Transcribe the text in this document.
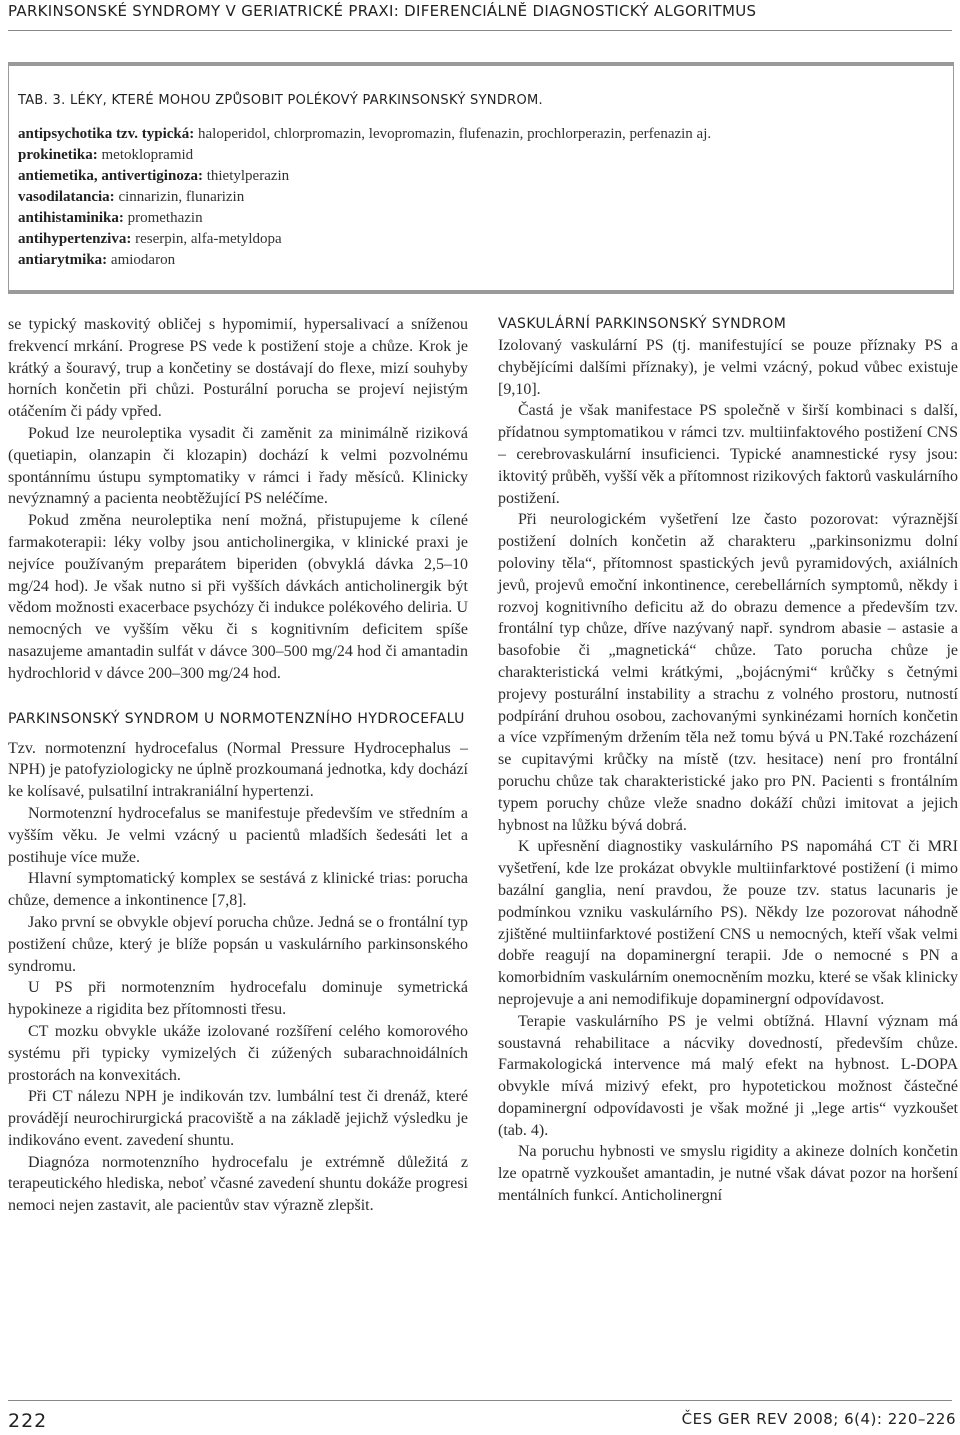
PARKINSONSKÉ SYNDROMY V GERIATRICKÉ PRAXI: DIFERENCIÁLNĚ DIAGNOSTICKÝ ALGORITMUS
TAB. 3. LÉKY, KTERÉ MOHOU ZPŮSOBIT POLÉKOVÝ PARKINSONSKÝ SYNDROM.
antipsychotika tzv. typická: haloperidol, chlorpromazin, levopromazin, flufenazin, prochlorperazin, perfenazin aj.
prokinetika: metoklopramid
antiemetika, antivertiginoza: thietylperazin
vasodilatancia: cinnarizin, flunarizin
antihistaminika: promethazin
antihypertenziva: reserpin, alfa-metyldopa
antiarytmika: amiodaron

se typický maskovitý obličej s hypomimií, hypersalivací a sníženou frekvencí mrkání. Progrese PS vede k postižení stoje a chůze. Krok je krátký a šouravý, trup a končetiny se dostávají do flexe, mizí souhyby horních končetin při chůzi. Posturální porucha se projeví nejistým otáčením či pády vpřed.

Pokud lze neuroleptika vysadit či zaměnit za minimálně riziková (quetiapin, olanzapin či klozapin) dochází k velmi pozvolnému spontánnímu ústupu symptomatiky v rámci i řady měsíců. Klinicky nevýznamný a pacienta neobtěžující PS neléčíme.

Pokud změna neuroleptika není možná, přistupujeme k cílené farmakoterapii: léky volby jsou anticholinergika, v klinické praxi je nejvíce používaným preparátem biperiden (obvyklá dávka 2,5–10 mg/24 hod). Je však nutno si při vyšších dávkách anticholinergik být vědom možnosti exacerbace psychózy či indukce polékového deliria. U nemocných ve vyšším věku či s kognitivním deficitem spíše nasazujeme amantadin sulfát v dávce 300–500 mg/24 hod či amantadin hydrochlorid v dávce 200–300 mg/24 hod.

PARKINSONSKÝ SYNDROM U NORMOTENZNÍHO HYDROCEFALU

Tzv. normotenzní hydrocefalus (Normal Pressure Hydrocephalus – NPH) je patofyziologicky ne úplně prozkoumaná jednotka, kdy dochází ke kolísavé, pulsatilní intrakraniální hypertenzi.

Normotenzní hydrocefalus se manifestuje především ve středním a vyšším věku. Je velmi vzácný u pacientů mladších šedesáti let a postihuje více muže.

Hlavní symptomatický komplex se sestává z klinické trias: porucha chůze, demence a inkontinence [7,8].

Jako první se obvykle objeví porucha chůze. Jedná se o frontální typ postižení chůze, který je blíže popsán u vaskulárního parkinsonského syndromu.

U PS při normotenzním hydrocefalu dominuje symetrická hypokineze a rigidita bez přítomnosti třesu.

CT mozku obvykle ukáže izolované rozšíření celého komorového systému při typicky vymizelých či zúžených subarachnoidálních prostorách na konvexitách.

Při CT nálezu NPH je indikován tzv. lumbální test či drenáž, které provádějí neurochirurgická pracoviště a na základě jejichž výsledku je indikováno event. zavedení shuntu.

Diagnóza normotenzního hydrocefalu je extrémně důležitá z terapeutického hlediska, neboť včasné zavedení shuntu dokáže progresi nemoci nejen zastavit, ale pacientův stav výrazně zlepšit.

VASKULÁRNÍ PARKINSONSKÝ SYNDROM

Izolovaný vaskulární PS (tj. manifestující se pouze příznaky PS a chybějícími dalšími příznaky), je velmi vzácný, pokud vůbec existuje [9,10].

Častá je však manifestace PS společně v širší kombinaci s další, přídatnou symptomatikou v rámci tzv. multiinfaktového postižení CNS – cerebrovaskulární insuficienci. Typické anamnestické rysy jsou: iktovitý průběh, vyšší věk a přítomnost rizikových faktorů vaskulárního postižení.

Při neurologickém vyšetření lze často pozorovat: výraznější postižení dolních končetin až charakteru „parkinsonizmu dolní poloviny těla“, přítomnost spastických jevů pyramidových, axiálních jevů, projevů emoční inkontinence, cerebellárních symptomů, někdy i rozvoj kognitivního deficitu až do obrazu demence a především tzv. frontální typ chůze, dříve nazývaný např. syndrom abasie – astasie a basofobie či „magnetická“ chůze. Tato porucha chůze je charakteristická velmi krátkými, „bojácnými“ krůčky s četnými projevy posturální instability a strachu z volného prostoru, nutností podpírání druhou osobou, zachovanými synkinézami horních končetin a více vzpřímeným držením těla než tomu bývá u PN.Také rozcházení se cupitavými krůčky na místě (tzv. hesitace) není pro frontální poruchu chůze tak charakteristické jako pro PN. Pacienti s frontálním typem poruchy chůze vleže snadno dokáží chůzi imitovat a jejich hybnost na lůžku bývá dobrá.

K upřesnění diagnostiky vaskulárního PS napomáhá CT či MRI vyšetření, kde lze prokázat obvykle multiinfarktové postižení (i mimo bazální ganglia, není pravdou, že pouze tzv. status lacunaris je podmínkou vzniku vaskulárního PS). Někdy lze pozorovat náhodně zjištěné multiinfarktové postižení CNS u nemocných, kteří však velmi dobře reagují na dopaminergní terapii. Jde o nemocné s PN a komorbidním vaskulárním onemocněním mozku, které se však klinicky neprojevuje a ani nemodifikuje dopaminergní odpovídavost.

Terapie vaskulárního PS je velmi obtížná. Hlavní význam má soustavná rehabilitace a nácviky dovedností, především chůze. Farmakologická intervence má malý efekt na hybnost. L-DOPA obvykle mívá mizivý efekt, pro hypotetickou možnost částečné dopaminergní odpovídavosti je však možné ji „lege artis“ vyzkoušet (tab. 4).

Na poruchu hybnosti ve smyslu rigidity a akineze dolních končetin lze opatrně vyzkoušet amantadin, je nutné však dávat pozor na horšení mentálních funkcí. Anticholinergní

222	ČES GER REV 2008; 6(4): 220–226
